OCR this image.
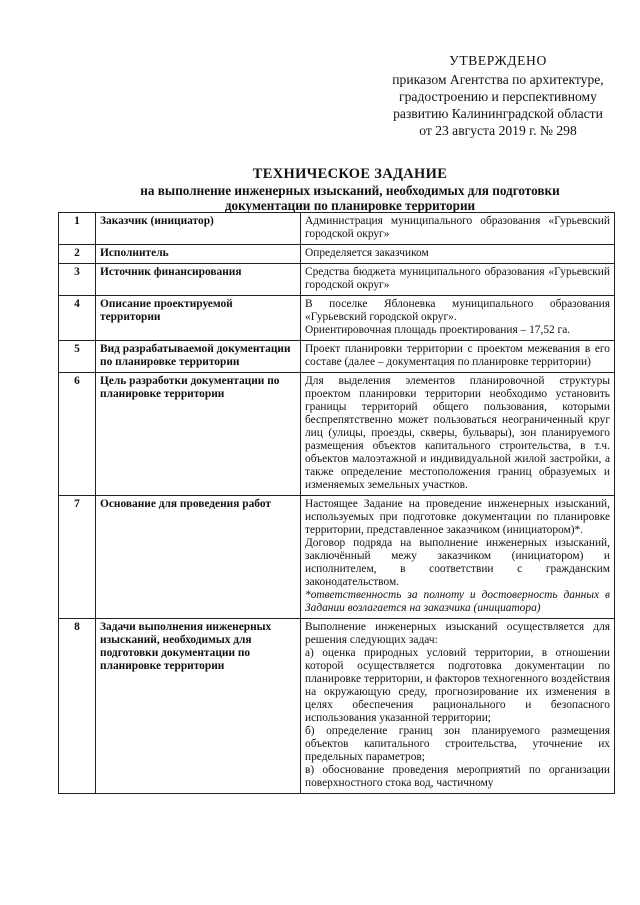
УТВЕРЖДЕНО
приказом Агентства по архитектуре,
градостроению и перспективному
развитию Калининградской области
от 23 августа 2019 г. № 298
ТЕХНИЧЕСКОЕ ЗАДАНИЕ
на выполнение инженерных изысканий, необходимых для подготовки
документации по планировке территории
1	Заказчик (инициатор)	Администрация муниципального образования «Гурьевский городской округ»

2	Исполнитель	Определяется заказчиком

3	Источник финансирования	Средства бюджета муниципального образования «Гурьевский городской округ»

4	Описание проектируемой территории	В поселке Яблоневка муниципального образования «Гурьевский городской округ».

Ориентировочная площадь проектирования – 17,52 га.

5	Вид разрабатываемой документации по планировке территории	Проект планировки территории с проектом межевания в его составе (далее – документация по планировке территории)

6	Цель разработки документации по планировке территории	Для выделения элементов планировочной структуры проектом планировки территории необходимо установить границы территорий общего пользования, которыми беспрепятственно может пользоваться неограниченный круг лиц (улицы, проезды, скверы, бульвары), зон планируемого размещения объектов капитального строительства, в т.ч. объектов малоэтажной и индивидуальной жилой застройки, а также определение местоположения границ образуемых и изменяемых земельных участков.

7	Основание для проведения работ	Настоящее Задание на проведение инженерных изысканий, используемых при подготовке документации по планировке территории, представленное заказчиком (инициатором)*.

Договор подряда на выполнение инженерных изысканий, заключённый межу заказчиком (инициатором) и исполнителем, в соответствии с гражданским законодательством.

*ответственность за полноту и достоверность данных в Задании возлагается на заказчика (инициатора)

8	Задачи выполнения инженерных изысканий, необходимых для подготовки документации по планировке территории	Выполнение инженерных изысканий осуществляется для решения следующих задач:

а) оценка природных условий территории, в отношении которой осуществляется подготовка документации по планировке территории, и факторов техногенного воздействия на окружающую среду, прогнозирование их изменения в целях обеспечения рационального и безопасного использования указанной территории;

б) определение границ зон планируемого размещения объектов капитального строительства, уточнение их предельных параметров;

в) обоснование проведения мероприятий по организации поверхностного стока вод, частичному
